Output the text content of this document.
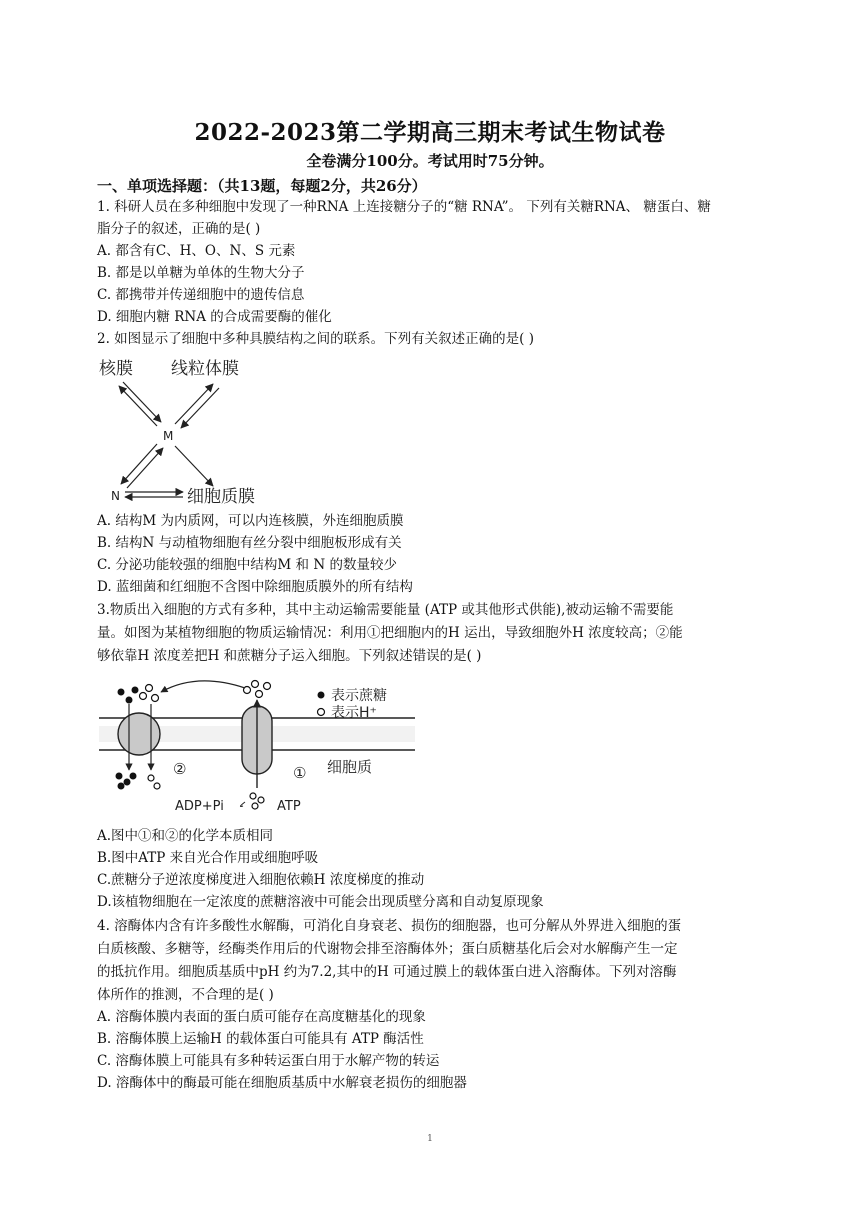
2022-2023第二学期高三期末考试生物试卷
全卷满分100分。考试用时75分钟。
一、单项选择题：（共13题，每题2分，共26分）
1. 科研人员在多种细胞中发现了一种RNA 上连接糖分子的“糖 RNA”。 下列有关糖RNA、 糖蛋白、糖
脂分子的叙述，正确的是( )
A. 都含有C、H、O、N、S 元素
B. 都是以单糖为单体的生物大分子
C. 都携带并传递细胞中的遗传信息
D. 细胞内糖 RNA 的合成需要酶的催化
2. 如图显示了细胞中多种具膜结构之间的联系。下列有关叙述正确的是( )
核膜 线粒体膜
M
N	细胞质膜
A. 结构M 为内质网，可以内连核膜，外连细胞质膜
B. 结构N 与动植物细胞有丝分裂中细胞板形成有关
C. 分泌功能较强的细胞中结构M 和 N 的数量较少
D. 蓝细菌和红细胞不含图中除细胞质膜外的所有结构
3.物质出入细胞的方式有多种，其中主动运输需要能量 (ATP 或其他形式供能),被动运输不需要能
量。如图为某植物细胞的物质运输情况：利用①把细胞内的H 运出，导致细胞外H 浓度较高；②能
够依靠H 浓度差把H 和蔗糖分子运入细胞。下列叙述错误的是( )
②	① 细胞质
ADP+Pi	ATP
表示蔗糖
表示H⁺
A.图中①和②的化学本质相同
B.图中ATP 来自光合作用或细胞呼吸
C.蔗糖分子逆浓度梯度进入细胞依赖H 浓度梯度的推动
D.该植物细胞在一定浓度的蔗糖溶液中可能会出现质壁分离和自动复原现象
4. 溶酶体内含有许多酸性水解酶，可消化自身衰老、损伤的细胞器，也可分解从外界进入细胞的蛋
白质核酸、多糖等，经酶类作用后的代谢物会排至溶酶体外；蛋白质糖基化后会对水解酶产生一定
的抵抗作用。细胞质基质中pH 约为7.2,其中的H 可通过膜上的载体蛋白进入溶酶体。下列对溶酶
体所作的推测，不合理的是( )
A. 溶酶体膜内表面的蛋白质可能存在高度糖基化的现象
B. 溶酶体膜上运输H 的载体蛋白可能具有 ATP 酶活性
C. 溶酶体膜上可能具有多种转运蛋白用于水解产物的转运
D. 溶酶体中的酶最可能在细胞质基质中水解衰老损伤的细胞器
1
